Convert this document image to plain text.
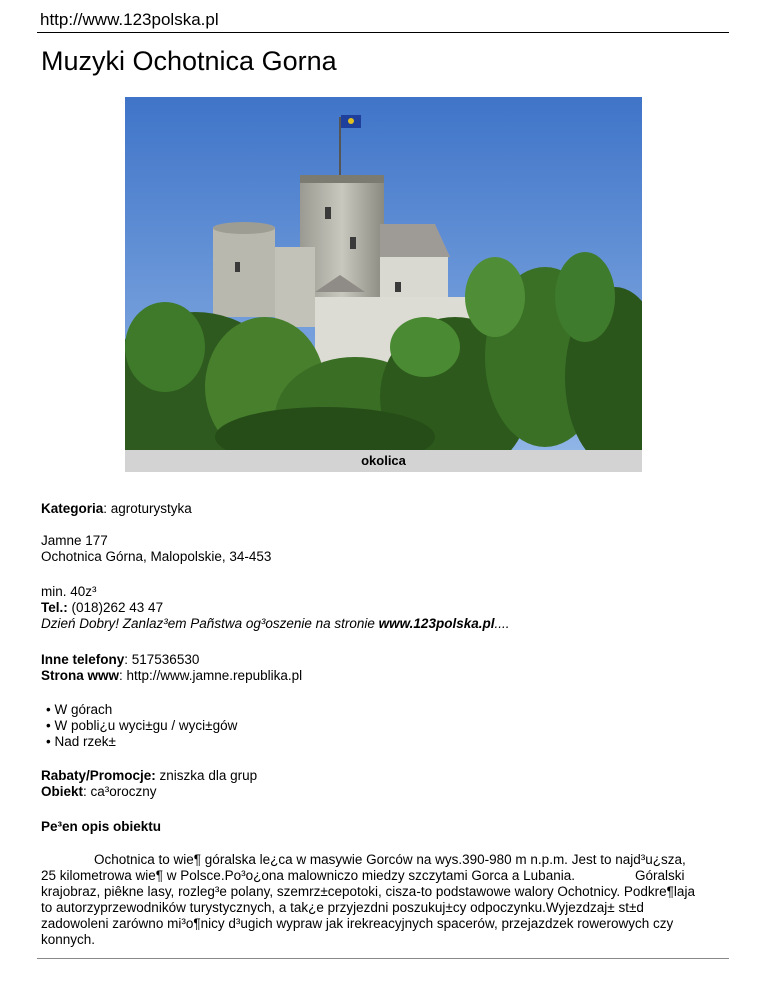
http://www.123polska.pl
Muzyki Ochotnica Gorna
okolica
Kategoria: agroturystyka
Jamne 177
Ochotnica Górna, Malopolskie, 34-453
min. 40z³
Tel.: (018)262 43 47
Dzień Dobry! Zanlaz³em Pañstwa og³oszenie na stronie www.123polska.pl....
Inne telefony: 517536530
Strona www: http://www.jamne.republika.pl
• W górach
• W pobli¿u wyci±gu / wyci±gów
• Nad rzek±
Rabaty/Promocje: zniszka dla grup
Obiekt: ca³oroczny
Pe³en opis obiektu
Ochotnica to wie¶ góralska le¿ca w masywie Gorców na wys.390-980 m n.p.m. Jest to najd³u¿sza, 25 kilometrowa wie¶ w Polsce.Po³o¿ona malowniczo miedzy szczytami Gorca a Lubania.	Góralski krajobraz, piêkne lasy, rozleg³e polany, szemrz±cepotoki, cisza-to podstawowe walory Ochotnicy. Podkre¶laja to autorzyprzewodników turystycznych, a tak¿e przyjezdni poszukuj±cy odpoczynku.Wyjezdzaj± st±d zadowoleni zarówno mi³o¶nicy d³ugich wypraw jak irekreacyjnych spacerów, przejazdzek rowerowych czy konnych.
